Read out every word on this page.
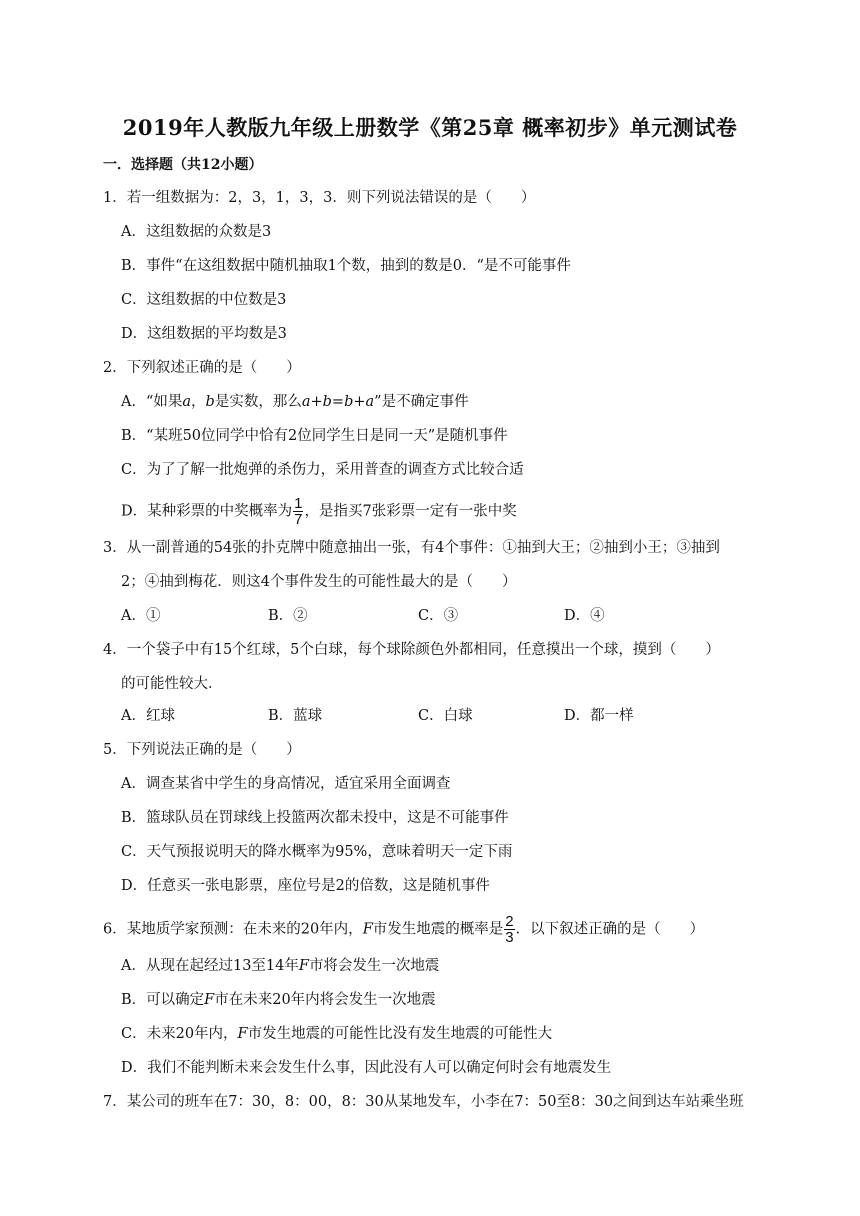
2019年人教版九年级上册数学《第25章 概率初步》单元测试卷
一．选择题（共12小题）
1．若一组数据为：2，3，1，3，3．则下列说法错误的是（　　）
A．这组数据的众数是3
B．事件“在这组数据中随机抽取1个数，抽到的数是0．“是不可能事件
C．这组数据的中位数是3
D．这组数据的平均数是3
2．下列叙述正确的是（　　）
A．“如果a，b是实数，那么a+b=b+a”是不确定事件
B．“某班50位同学中恰有2位同学生日是同一天”是随机事件
C．为了了解一批炮弹的杀伤力，采用普查的调查方式比较合适
D．某种彩票的中奖概率为 $\frac{1}{7}$ ，是指买7张彩票一定有一张中奖
3．从一副普通的54张的扑克牌中随意抽出一张，有4个事件：①抽到大王；②抽到小王；③抽到
2；④抽到梅花．则这4个事件发生的可能性最大的是（　　）
A．①	B．②	C．③	D．④
4．一个袋子中有15个红球，5个白球，每个球除颜色外都相同，任意摸出一个球，摸到（　　）
的可能性较大．
A．红球	B．蓝球	C．白球	D．都一样
5．下列说法正确的是（　　）
A．调查某省中学生的身高情况，适宜采用全面调查
B．篮球队员在罚球线上投篮两次都未投中，这是不可能事件
C．天气预报说明天的降水概率为95%，意味着明天一定下雨
D．任意买一张电影票，座位号是2的倍数，这是随机事件
6．某地质学家预测：在未来的20年内，F市发生地震的概率是 $\frac{2}{3}$ ．以下叙述正确的是（　　）
A．从现在起经过13至14年F市将会发生一次地震
B．可以确定F市在未来20年内将会发生一次地震
C．未来20年内，F市发生地震的可能性比没有发生地震的可能性大
D．我们不能判断未来会发生什么事，因此没有人可以确定何时会有地震发生
7．某公司的班车在7：30，8：00，8：30从某地发车，小李在7：50至8：30之间到达车站乘坐班
